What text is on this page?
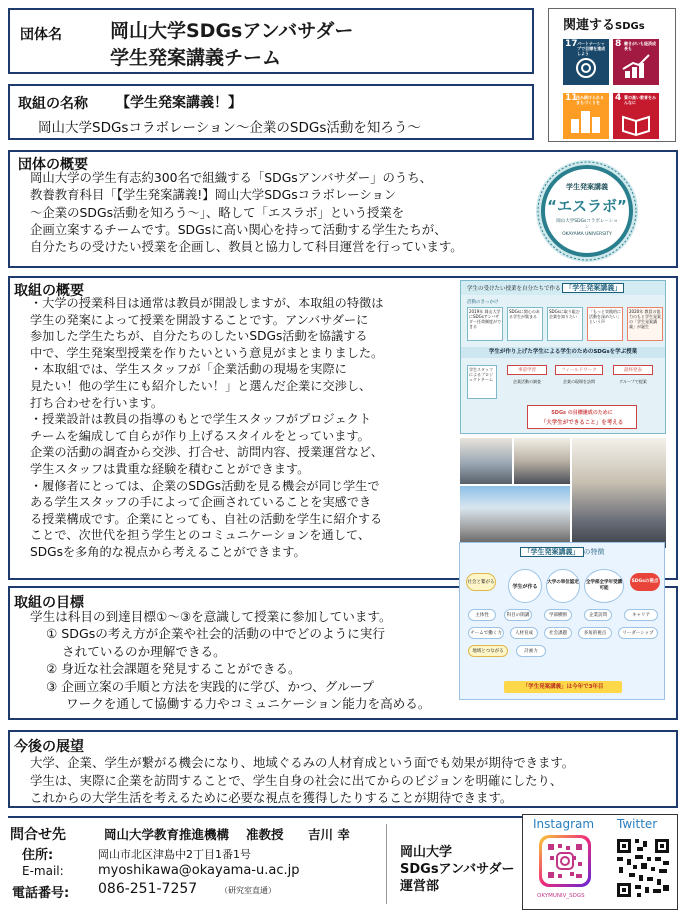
団体名	岡山大学SDGsアンバサダー
学生発案講義チーム
取組の名称 【学生発案講義！】
岡山大学SDGsコラボレーション～企業のSDGs活動を知ろう～
関連するSDGs
17 パートナーシップで目標を達成しよう
8 働きがいも経済成長も
11
住み続けられるまちづくりを	4 質の高い教育をみんなに
団体の概要
岡山大学の学生有志約300名で組織する「SDGsアンバサダー」のうち、
教養教育科目「【学生発案講義!】岡山大学SDGsコラボレーション
～企業のSDGs活動を知ろう～」、略して「エスラボ」という授業を
企画立案するチームです。SDGsに高い関心を持って活動する学生たちが、
自分たちの受けたい授業を企画し、教員と協力して科目運営を行っています。
学生発案講義
“エスラボ”
岡山大学SDGsコラボレーション
OKAYAMA UNIVERSITY
取組の概要
・大学の授業科目は通常は教員が開設しますが、本取組の特徴は
学生の発案によって授業を開設することです。アンバサダーに
参加した学生たちが、自分たちのしたいSDGs活動を協議する
中で、学生発案型授業を作りたいという意見がまとまりました。
・本取組では、学生スタッフが「企業活動の現場を実際に
見たい！他の学生にも紹介したい！」と選んだ企業に交渉し、
打ち合わせを行います。
・授業設計は教員の指導のもとで学生スタッフがプロジェクト
チームを編成して自らが作り上げるスタイルをとっています。
企業の活動の調査から交渉、打合せ、訪問内容、授業運営など、
学生スタッフは貴重な経験を積むことができます。
・履修者にとっては、企業のSDGs活動を見る機会が同じ学生で
ある学生スタッフの手によって企画されていることを実感でき
る授業構成です。企業にとっても、自社の活動を学生に紹介する
ことで、次世代を担う学生とのコミュニケーションを通して、
SDGsを多角的な視点から考えることができます。
学生の受けたい授業を自分たちで作る 「学生発案講義」
活動のきっかけ
2019年 岡山大学にSDGsアンバサダー任命制度ができる
SDGsに関心のある学生が集まる
SDGsに取り組む企業を知りたい
「もっと実践的に活動を深めたい」という声
2020年 教員の協力のもと学生発案の「学生発案講義」が誕生
学生が作り上げた学生による学生のためのSDGsを学ぶ授業
学生スタッフによるプロジェクトチーム
事前学習	フィールドワーク	最終発表
企業活動の調査	企業の現場を訪問	グループで提案
SDGs の目標達成のために
「大学生ができること」を考える
「学生発案講義」 の特徴
学生が作る
大学の単位認定	全学部全学年受講可能
社会と繋がる	SDGsの視点
主体性	科目の開講	学部横断	企業訪問	キャリア
チームで働く力	人材育成	社会課題	多角的視点	リーダーシップ
地域とつながる	計画力
「学生発案講義」は今年で3年目
取組の目標
学生は科目の到達目標①～③を意識して授業に参加しています。
① SDGsの考え方が企業や社会的活動の中でどのように実行
されているのか理解できる。
② 身近な社会課題を発見することができる。
③ 企画立案の手順と方法を実践的に学び、かつ、グループ
ワークを通して協働する力やコミュニケーション能力を高める。
今後の展望
大学、企業、学生が繋がる機会になり、地域ぐるみの人材育成という面でも効果が期待できます。
学生は、実際に企業を訪問することで、学生自身の社会に出てからのビジョンを明確にしたり、
これからの大学生活を考えるために必要な視点を獲得したりすることが期待できます。
問合せ先	岡山大学教育推進機構 准教授 吉川 幸
住所:	岡山市北区津島中2丁目1番1号
E-mail:	myoshikawa@okayama-u.ac.jp
電話番号: 086-251-7257	（研究室直通）
岡山大学
SDGsアンバサダー
運営部
Instagram Twitter
OKYMUNIV_SDGS
